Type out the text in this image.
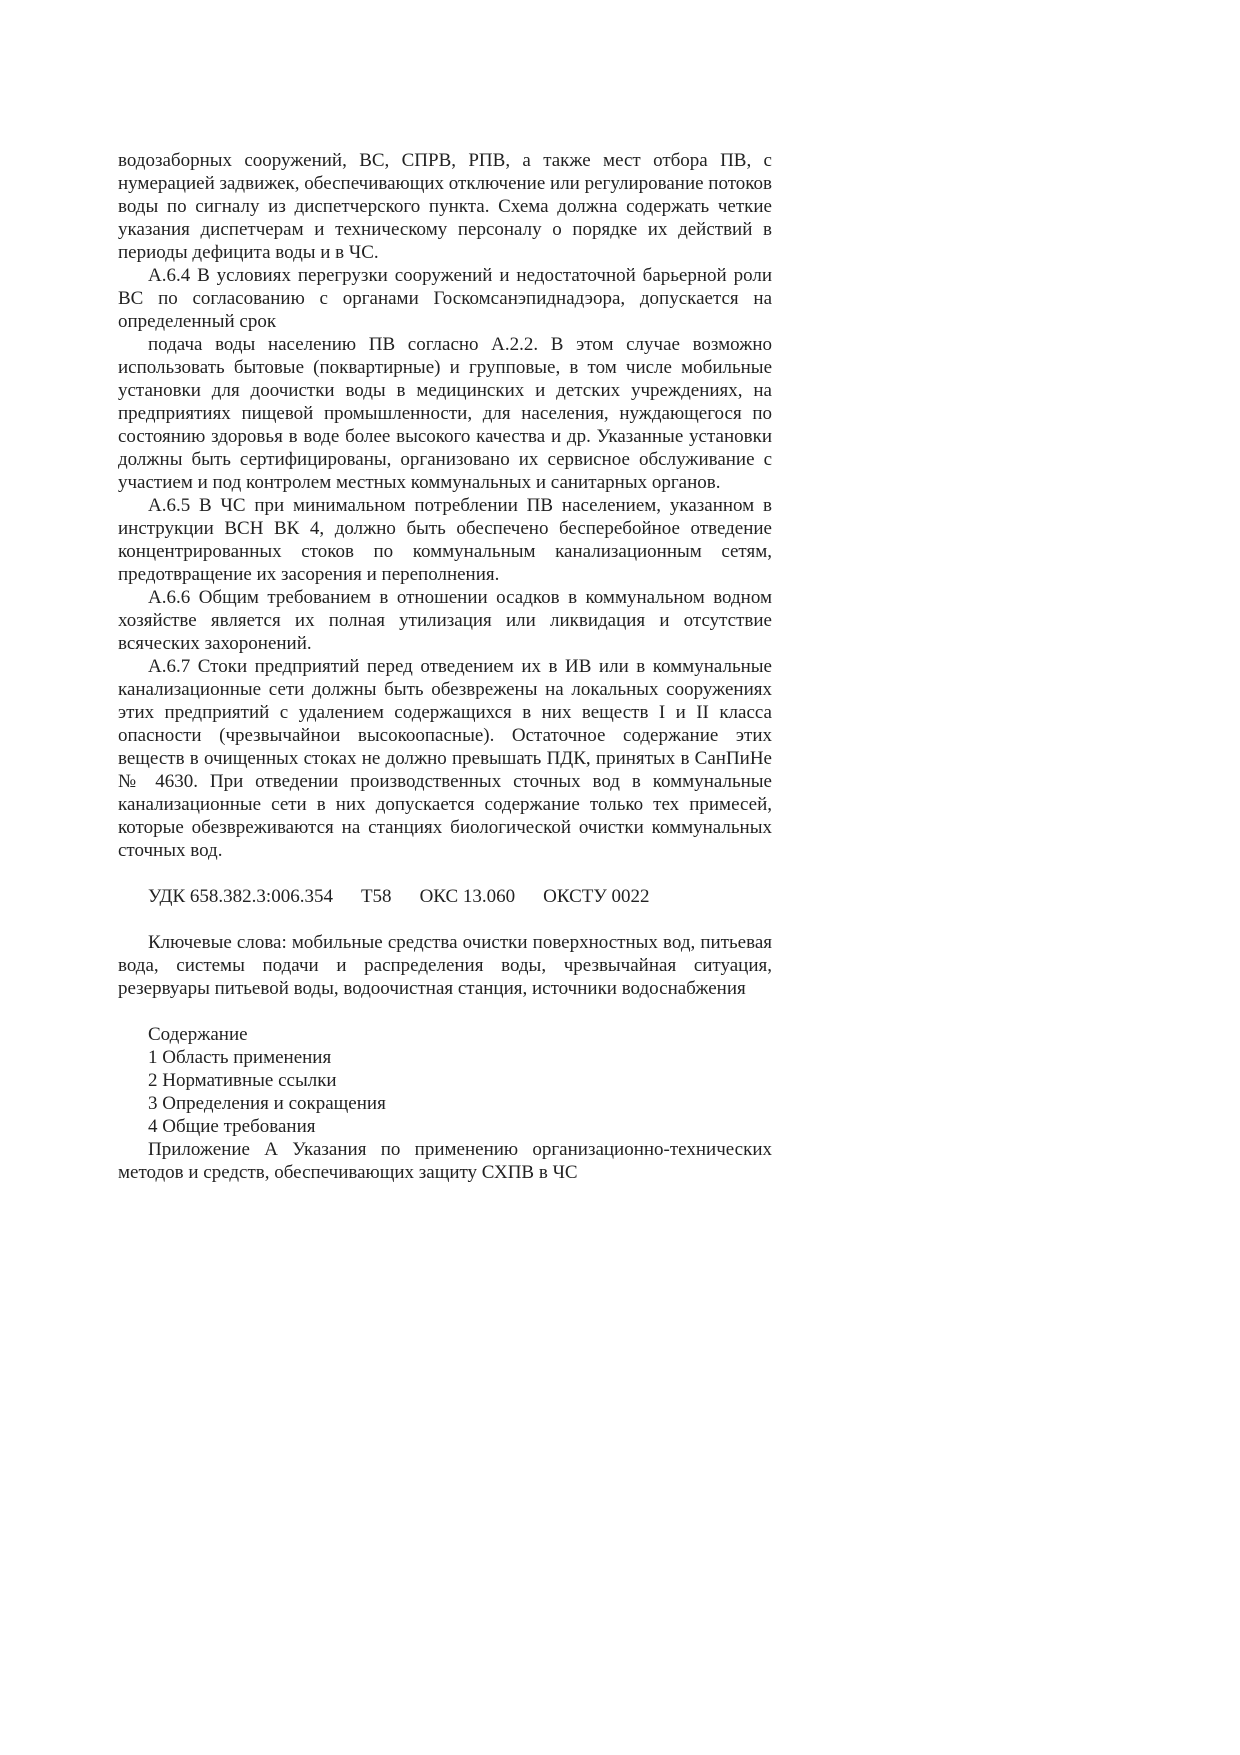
водозаборных сооружений, ВС, СПРВ, РПВ, а также мест отбора ПВ, с нумерацией задвижек, обеспечивающих отключение или регулирование потоков воды по сигналу из диспетчерского пункта. Схема должна содержать четкие указания диспетчерам и техническому персоналу о порядке их действий в периоды дефицита воды и в ЧС.

А.6.4 В условиях перегрузки сооружений и недостаточной барьерной роли ВС по согласованию с органами Госкомсанэпиднадэора, допускается на определенный срок

подача воды населению ПВ согласно А.2.2. В этом случае возможно использовать бытовые (поквартирные) и групповые, в том числе мобильные установки для доочистки воды в медицинских и детских учреждениях, на предприятиях пищевой промышленности, для населения, нуждающегося по состоянию здоровья в воде более высокого качества и др. Указанные установки должны быть сертифицированы, организовано их сервисное обслуживание с участием и под контролем местных коммунальных и санитарных органов.

А.6.5 В ЧС при минимальном потреблении ПВ населением, указанном в инструкции ВСН ВК 4, должно быть обеспечено бесперебойное отведение концентрированных стоков по коммунальным канализационным сетям, предотвращение их засорения и переполнения.

А.6.6 Общим требованием в отношении осадков в коммунальном водном хозяйстве является их полная утилизация или ликвидация и отсутствие всяческих захоронений.

А.6.7 Стоки предприятий перед отведением их в ИВ или в коммунальные канализационные сети должны быть обезврежены на локальных сооружениях этих предприятий с удалением содержащихся в них веществ I и II класса опасности (чрезвычайнои высокоопасные). Остаточное содержание этих веществ в очищенных стоках не должно превышать ПДК, принятых в СанПиНе № 4630. При отведении производственных сточных вод в коммунальные канализационные сети в них допускается содержание только тех примесей, которые обезвреживаются на станциях биологической очистки коммунальных сточных вод.

УДК 658.382.3:006.354 Т58 ОКС 13.060 ОКСТУ 0022

Ключевые слова: мобильные средства очистки поверхностных вод, питьевая вода, системы подачи и распределения воды, чрезвычайная ситуация, резервуары питьевой воды, водоочистная станция, источники водоснабжения

Содержание

1 Область применения

2 Нормативные ссылки

3 Определения и сокращения

4 Общие требования

Приложение А Указания по применению организационно-технических методов и средств, обеспечивающих защиту СХПВ в ЧС
